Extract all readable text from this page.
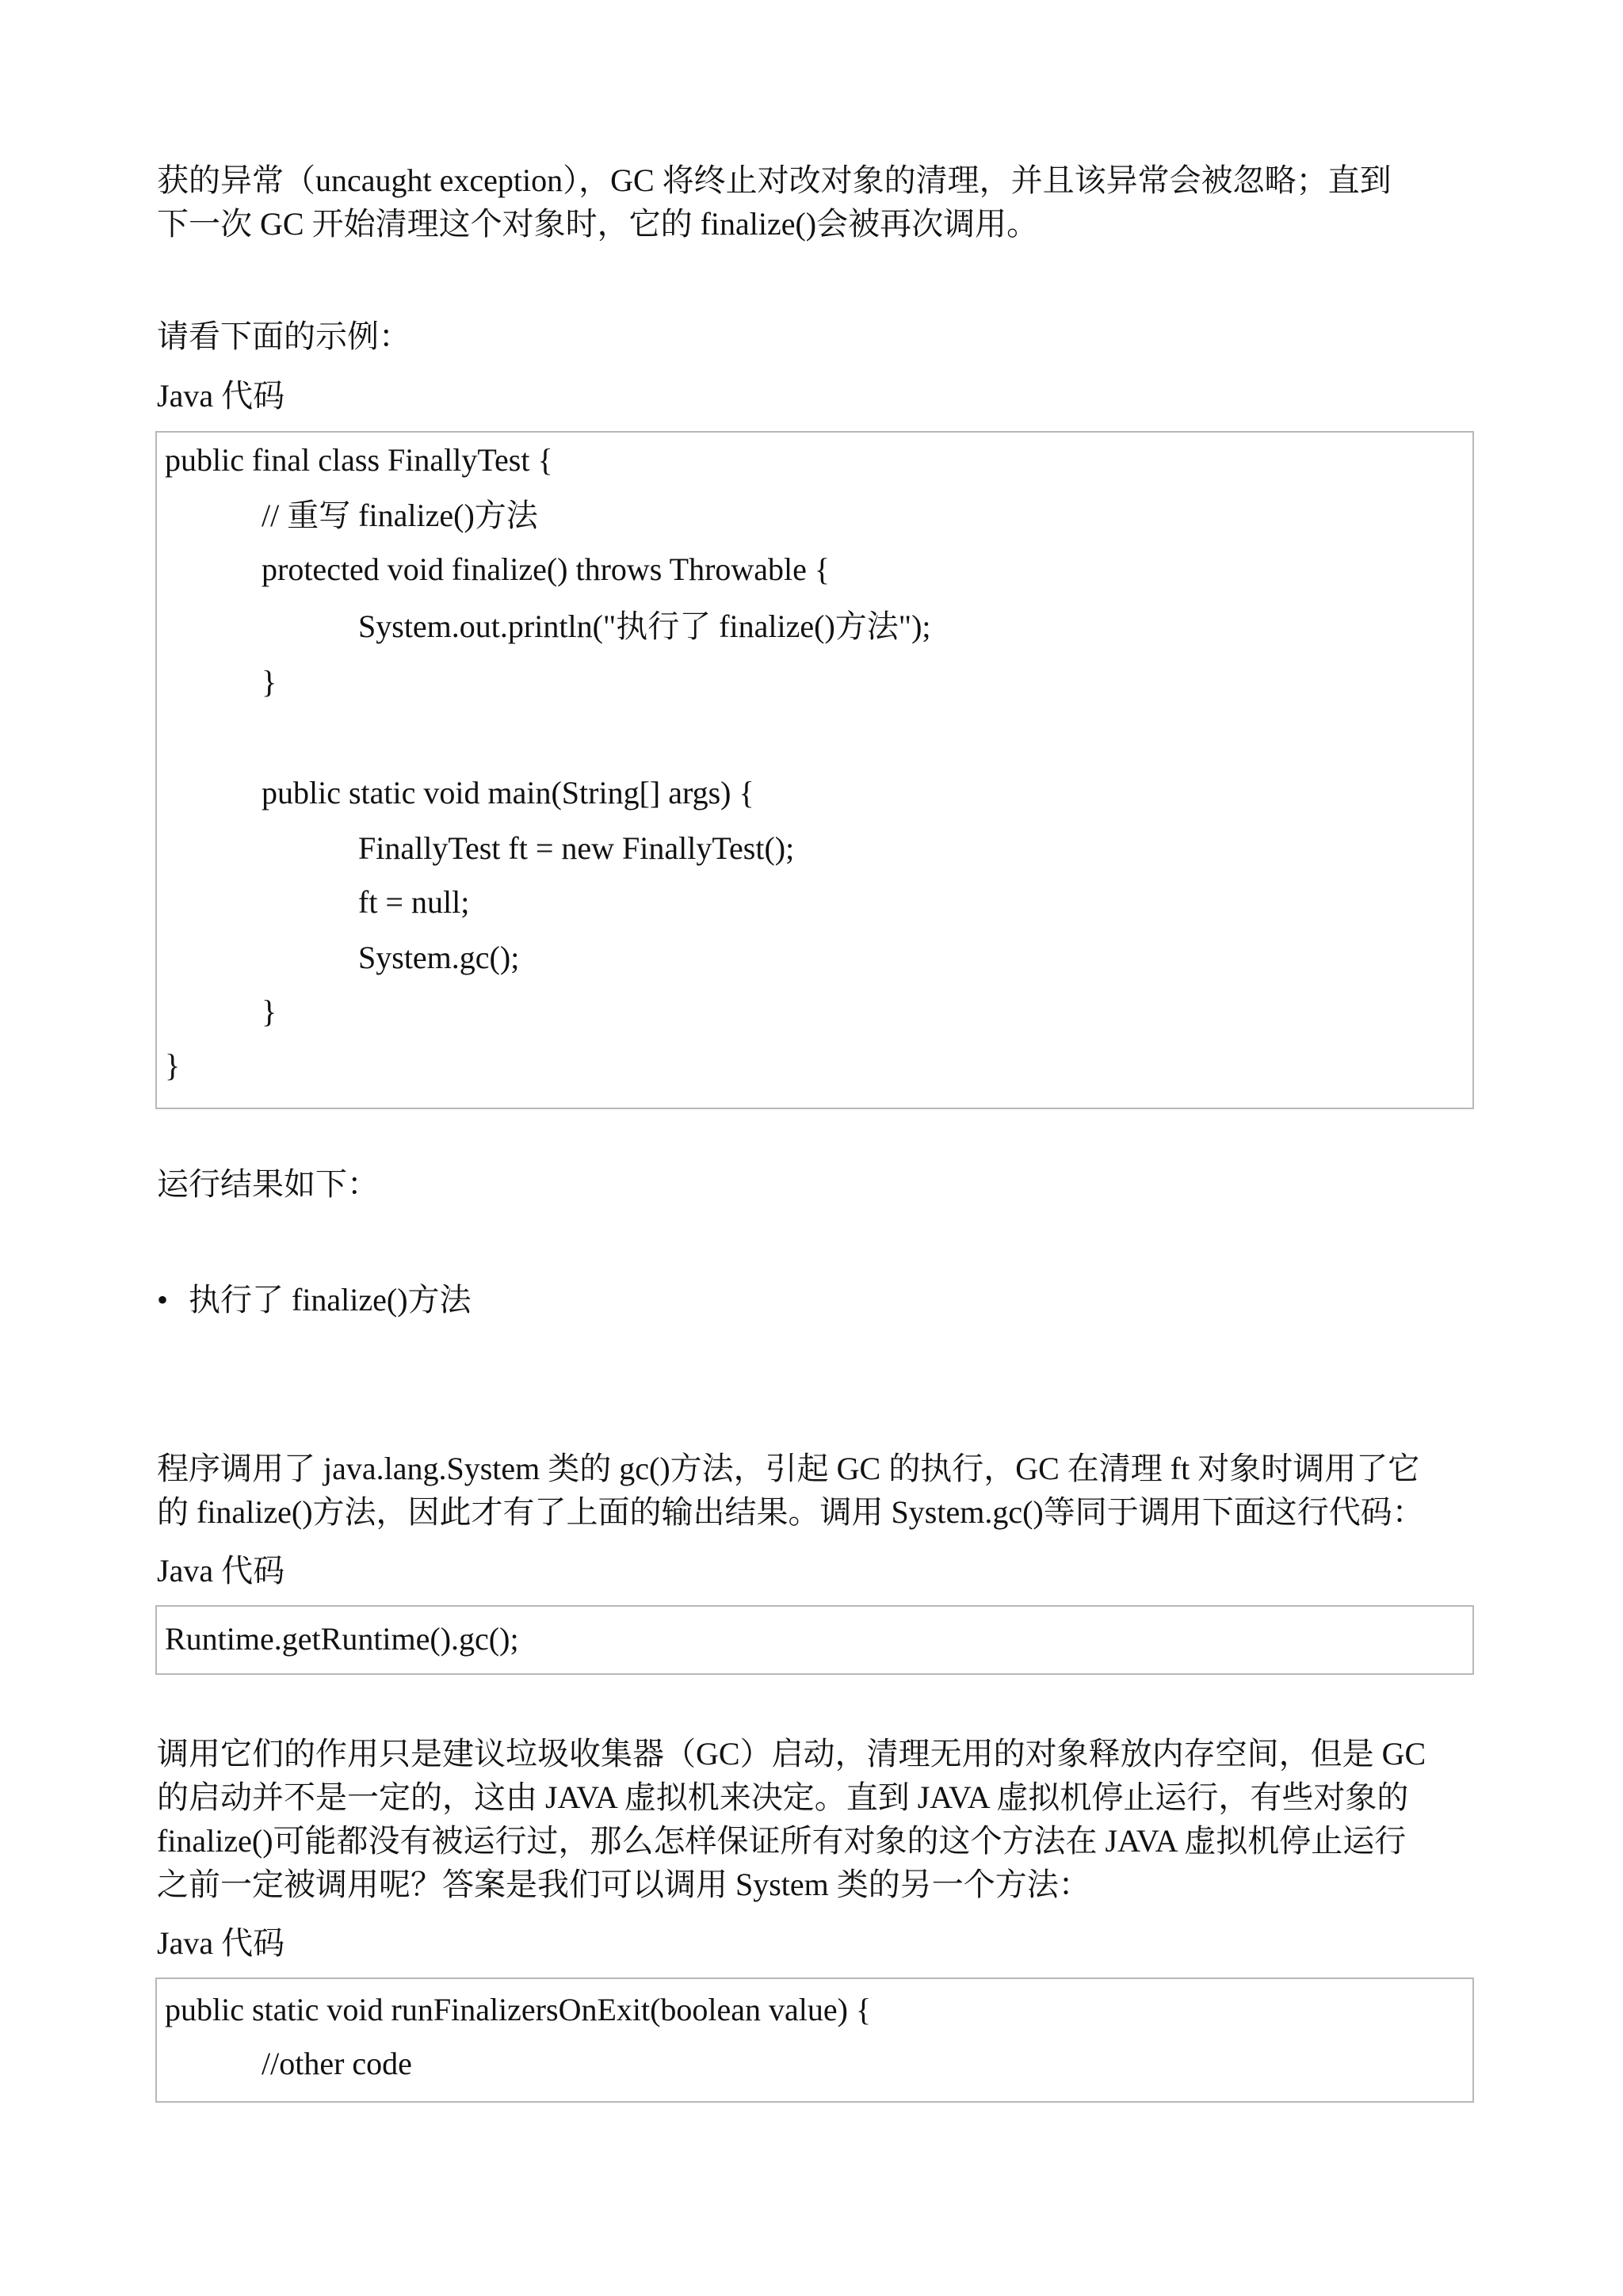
获的异常（uncaught exception），GC 将终止对改对象的清理，并且该异常会被忽略；直到
下一次 GC 开始清理这个对象时，它的 finalize()会被再次调用。
请看下面的示例：
Java 代码
public final class FinallyTest {
// 重写 finalize()方法
protected void finalize() throws Throwable {
System.out.println("执行了 finalize()方法");
}
public static void main(String[] args) {
FinallyTest ft = new FinallyTest();
ft = null;
System.gc();
}
}
运行结果如下：
• 执行了 finalize()方法
程序调用了 java.lang.System 类的 gc()方法，引起 GC 的执行，GC 在清理 ft 对象时调用了它
的 finalize()方法，因此才有了上面的输出结果。调用 System.gc()等同于调用下面这行代码：
Java 代码
Runtime.getRuntime().gc();
调用它们的作用只是建议垃圾收集器（GC）启动，清理无用的对象释放内存空间，但是 GC
的启动并不是一定的，这由 JAVA 虚拟机来决定。直到 JAVA 虚拟机停止运行，有些对象的
finalize()可能都没有被运行过，那么怎样保证所有对象的这个方法在 JAVA 虚拟机停止运行
之前一定被调用呢？答案是我们可以调用 System 类的另一个方法：
Java 代码
public static void runFinalizersOnExit(boolean value) {
//other code
